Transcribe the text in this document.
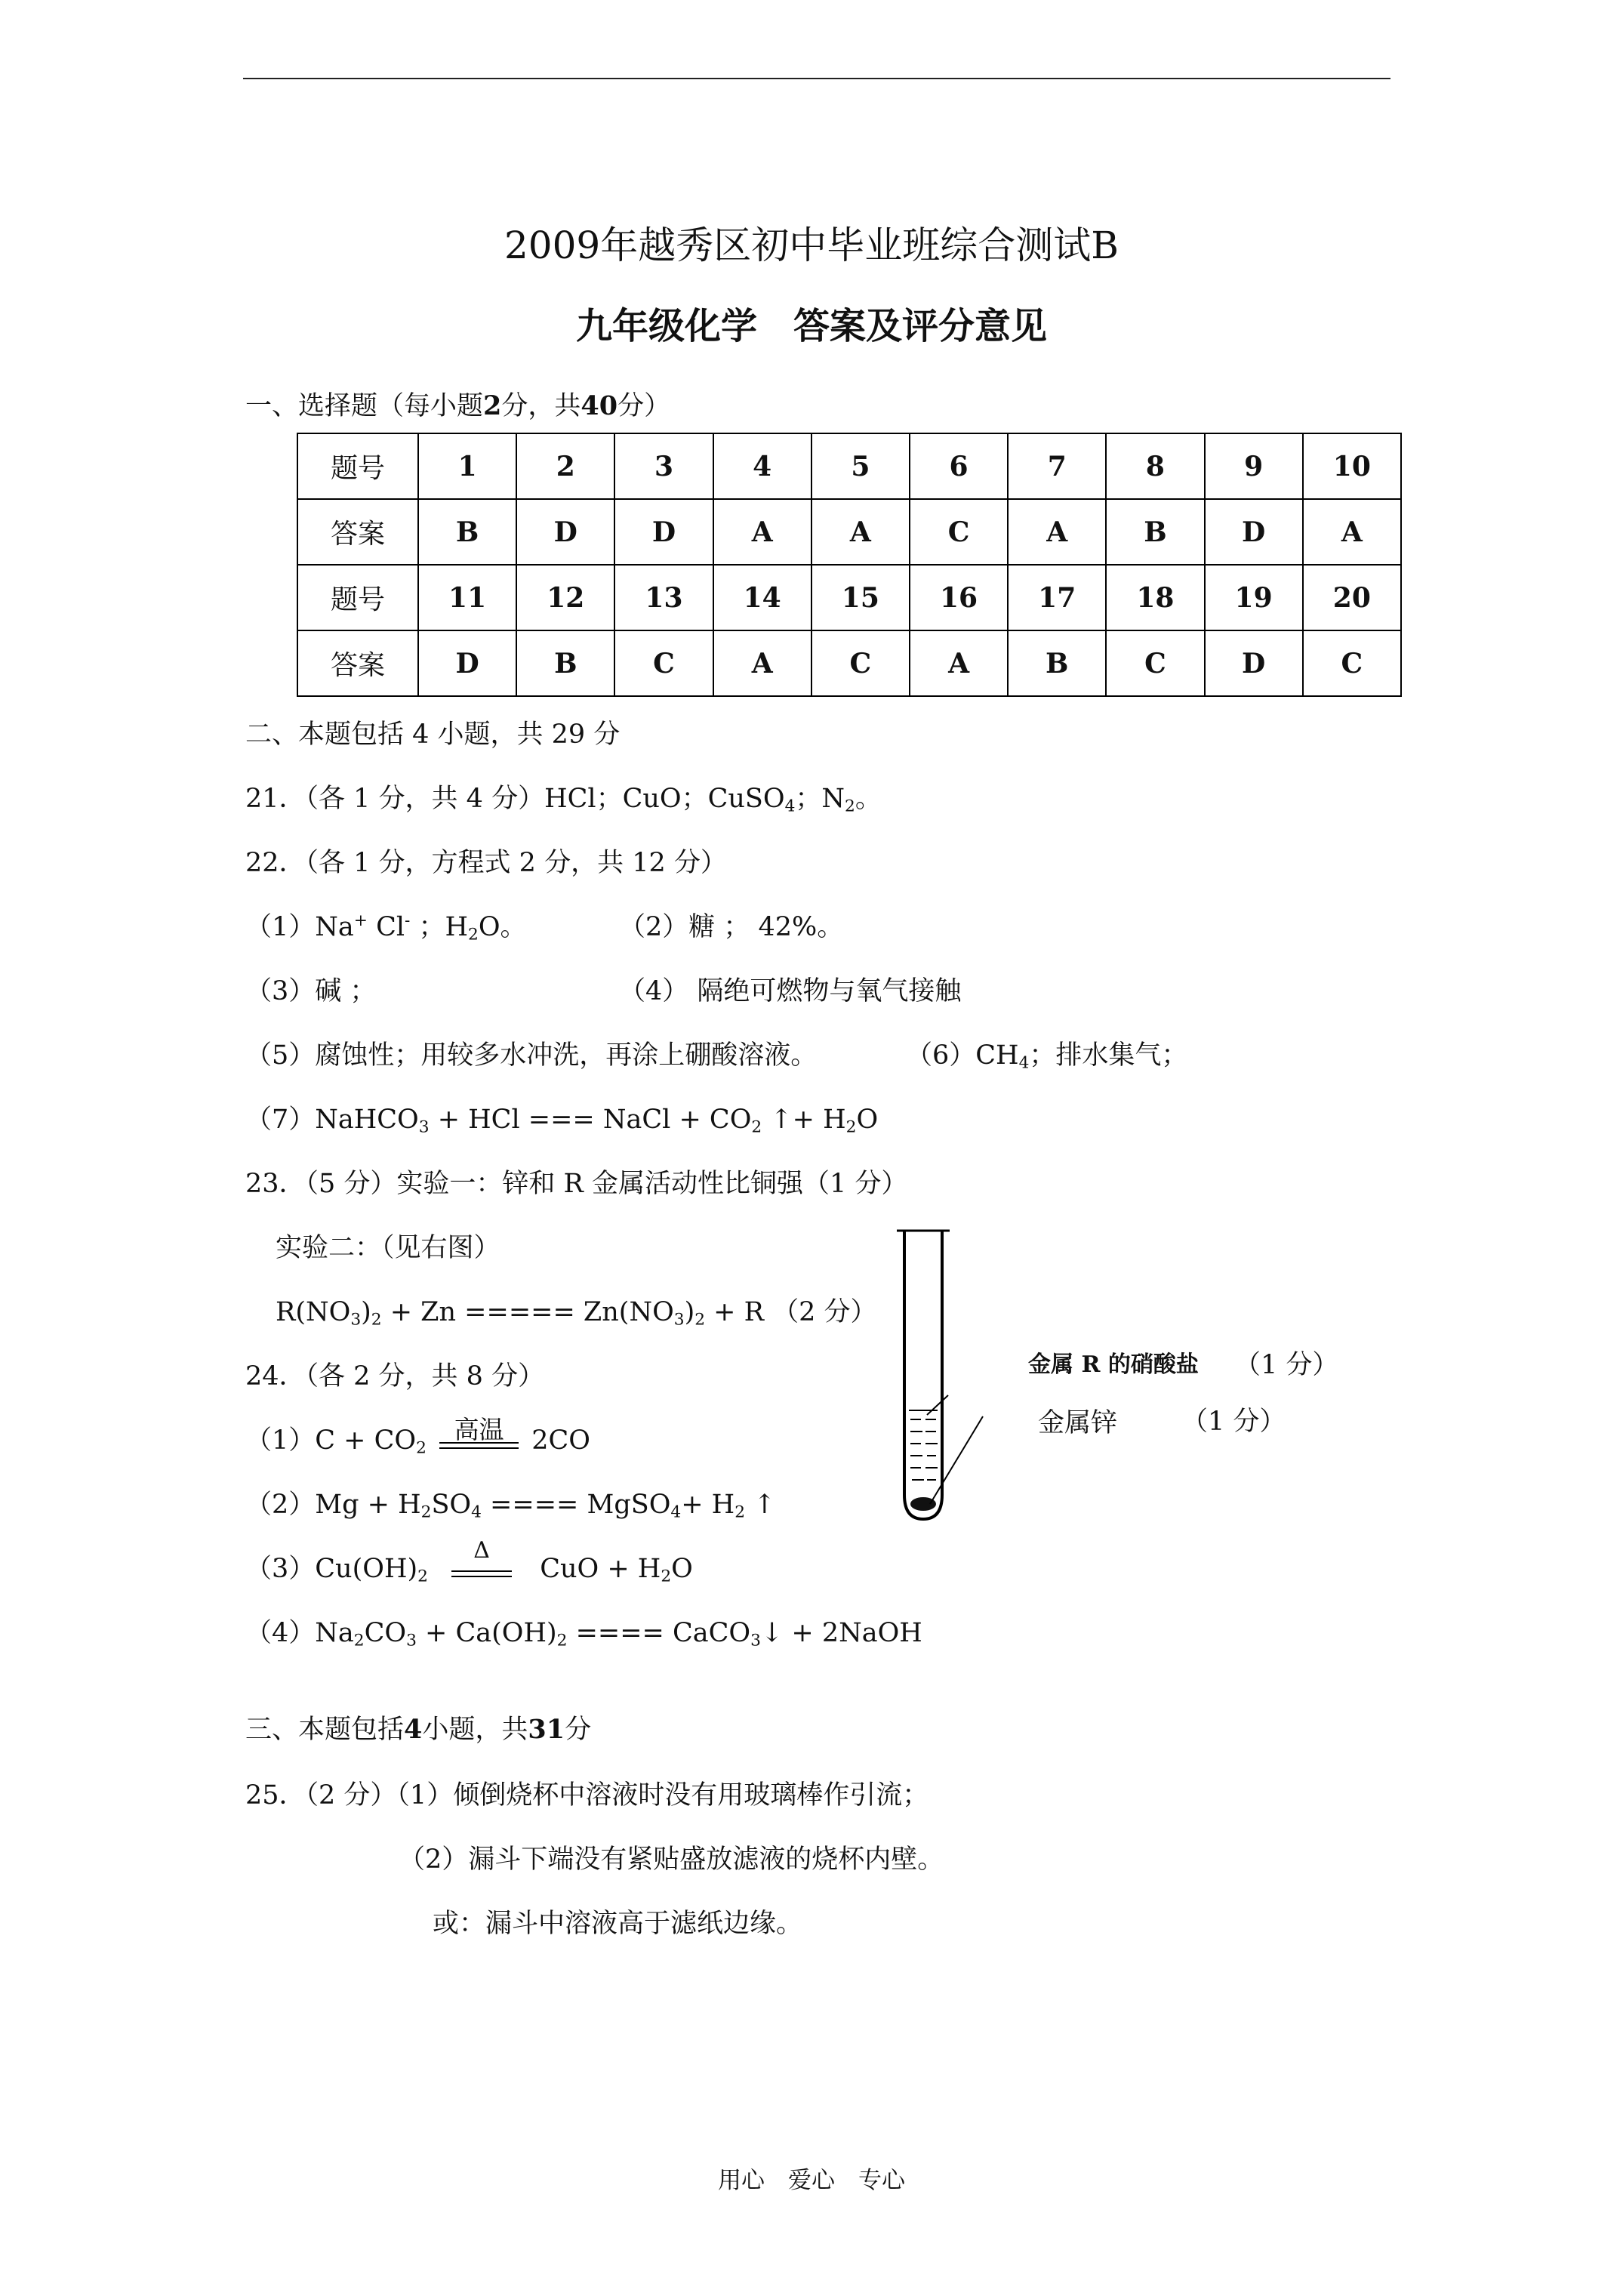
2009年越秀区初中毕业班综合测试B
九年级化学　答案及评分意见
一、选择题（每小题2分，共40分）
题号	1	2	3	4	5	6	7	8	9	10
答案	B	D	D	A	A	C	A	B	D	A
题号	11	12	13	14	15	16	17	18	19	20
答案	D	B	C	A	C	A	B	C	D	C
二、本题包括 4 小题，共 29 分
21．（各 1 分，共 4 分）HCl；CuO；CuSO$_4$；$N_2$。
22．（各 1 分，方程式 2 分，共 12 分）
（1）Na+ Cl- ；$H_2O$。	（2）糖 ； 42%。
（3）碱 ；	（4） 隔绝可燃物与氧气接触
（5）腐蚀性；用较多水冲洗，再涂上硼酸溶液。	$(6)CH_4$；排水集气；
（7）NaHCO$_3$ + HCl === NaCl + $CO_2$ ↑+ $H_2O$
23．（5 分）实验一：锌和 R 金属活动性比铜强（1 分）
实验二：（见右图）
$R(NO_3)_2 + Zn$ ===== $Zn(NO_3)_2 + R$ （2 分）
24．（各 2 分，共 8 分）
$(1)C + CO_2$
高温	2CO
$(2)Mg + H_2SO_4$ ==== MgSO$_4$+ $H_2$ ↑
$(3)Cu(OH)_2$
Δ
CuO + $H_2O$
$(4)Na_2CO_3 + Ca(OH)_2$ ==== CaCO$_3$↓ + 2NaOH
金属 R 的硝酸盐 （1 分）
金属锌 （1 分）
三、本题包括4小题，共31分
25．（2 分）（1）倾倒烧杯中溶液时没有用玻璃棒作引流；
（2）漏斗下端没有紧贴盛放滤液的烧杯内壁。
或：漏斗中溶液高于滤纸边缘。
用心　爱心　专心
